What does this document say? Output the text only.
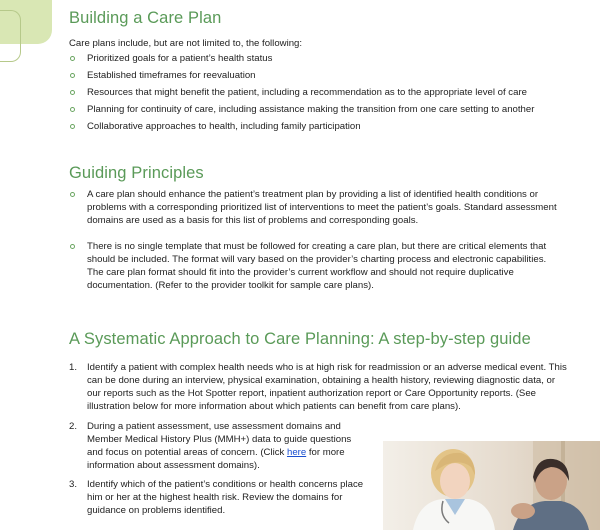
Building a Care Plan

Care plans include, but are not limited to, the following:

Prioritized goals for a patient’s health status
Established timeframes for reevaluation
Resources that might benefit the patient, including a recommendation as to the appropriate level of care
Planning for continuity of care, including assistance making the transition from one care setting to another
Collaborative approaches to health, including family participation
Guiding Principles
A care plan should enhance the patient’s treatment plan by providing a list of identified health conditions or problems with a corresponding prioritized list of interventions to meet the patient’s goals. Standard assessment domains are used as a basis for this list of problems and corresponding goals.
There is no single template that must be followed for creating a care plan, but there are critical elements that should be included. The format will vary based on the provider’s charting process and electronic capabilities. The care plan format should fit into the provider’s current workflow and should not require duplicative documentation. (Refer to the provider toolkit for sample care plans).
A Systematic Approach to Care Planning: A step-by-step guide
1. Identify a patient with complex health needs who is at high risk for readmission or an adverse medical event. This can be done during an interview, physical examination, obtaining a health history, reviewing diagnostic data, or our reports such as the Hot Spotter report, inpatient authorization report or Care Opportunity reports. (See illustration below for more information about which patients can benefit from care plans).
2. During a patient assessment, use assessment domains and Member Medical History Plus (MMH+) data to guide questions and focus on potential areas of concern. (Click here for more information about assessment domains).
3. Identify which of the patient’s conditions or health concerns place him or her at the highest health risk. Review the domains for guidance on problems identified.
